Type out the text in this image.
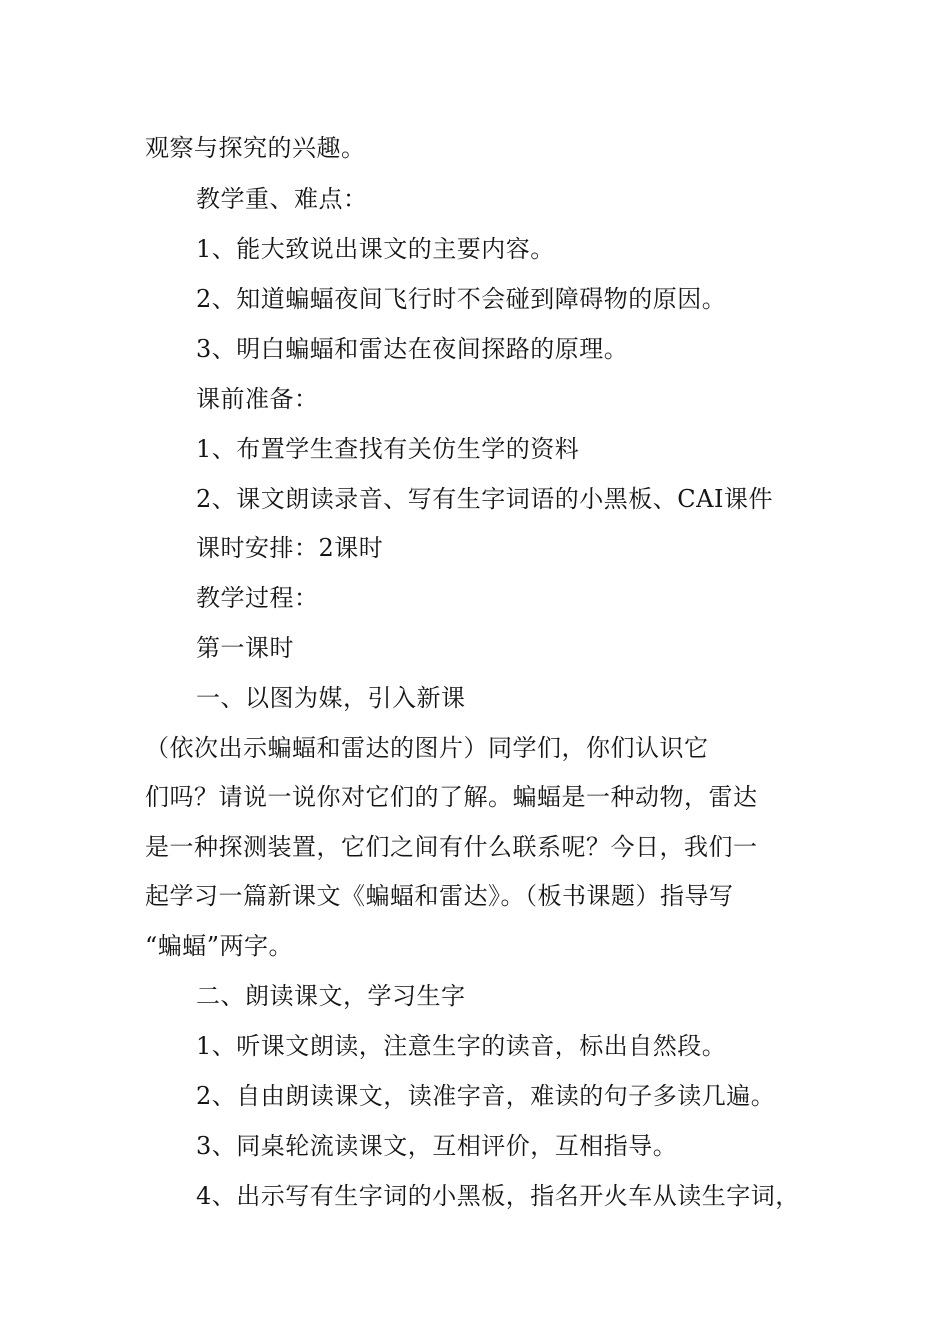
观察与探究的兴趣。
教学重、难点：
1、能大致说出课文的主要内容。
2、知道蝙蝠夜间飞行时不会碰到障碍物的原因。
3、明白蝙蝠和雷达在夜间探路的原理。
课前准备：
1、布置学生查找有关仿生学的资料
2、课文朗读录音、写有生字词语的小黑板、CAI课件
课时安排：2课时
教学过程：
第一课时
一、以图为媒，引入新课
（依次出示蝙蝠和雷达的图片）同学们，你们认识它
们吗？请说一说你对它们的了解。蝙蝠是一种动物，雷达
是一种探测装置，它们之间有什么联系呢？今日，我们一
起学习一篇新课文《蝙蝠和雷达》。（板书课题）指导写
“蝙蝠”两字。
二、朗读课文，学习生字
1、听课文朗读，注意生字的读音，标出自然段。
2、自由朗读课文，读准字音，难读的句子多读几遍。
3、同桌轮流读课文，互相评价，互相指导。
4、出示写有生字词的小黑板，指名开火车从读生字词，
